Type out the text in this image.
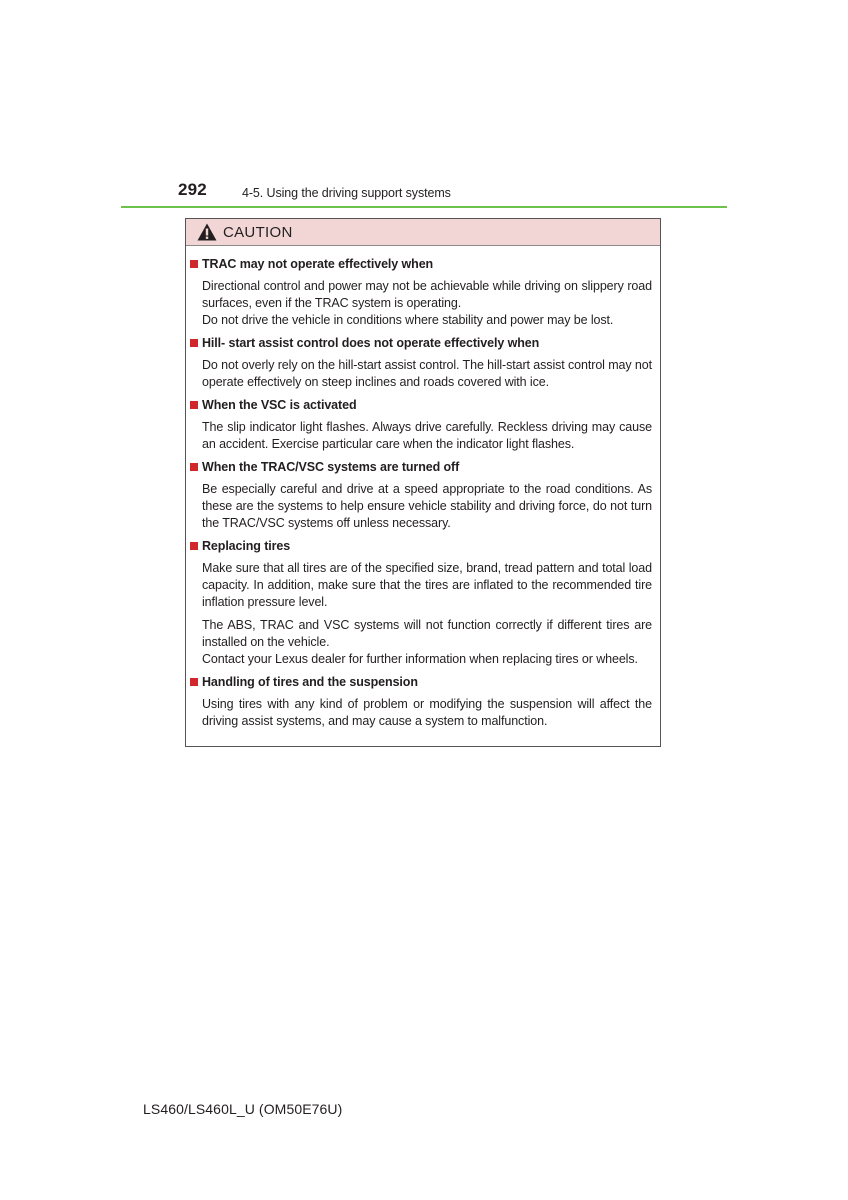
292	4-5. Using the driving support systems
CAUTION
TRAC may not operate effectively when

Directional control and power may not be achievable while driving on slippery road surfaces, even if the TRAC system is operating.

Do not drive the vehicle in conditions where stability and power may be lost.

Hill- start assist control does not operate effectively when

Do not overly rely on the hill-start assist control. The hill-start assist control may not operate effectively on steep inclines and roads covered with ice.

When the VSC is activated

The slip indicator light flashes. Always drive carefully. Reckless driving may cause an accident. Exercise particular care when the indicator light flashes.

When the TRAC/VSC systems are turned off

Be especially careful and drive at a speed appropriate to the road conditions. As these are the systems to help ensure vehicle stability and driving force, do not turn the TRAC/VSC systems off unless necessary.

Replacing tires

Make sure that all tires are of the specified size, brand, tread pattern and total load capacity. In addition, make sure that the tires are inflated to the recommended tire inflation pressure level.

The ABS, TRAC and VSC systems will not function correctly if different tires are installed on the vehicle.

Contact your Lexus dealer for further information when replacing tires or wheels.

Handling of tires and the suspension

Using tires with any kind of problem or modifying the suspension will affect the driving assist systems, and may cause a system to malfunction.

LS460/LS460L_U (OM50E76U)
